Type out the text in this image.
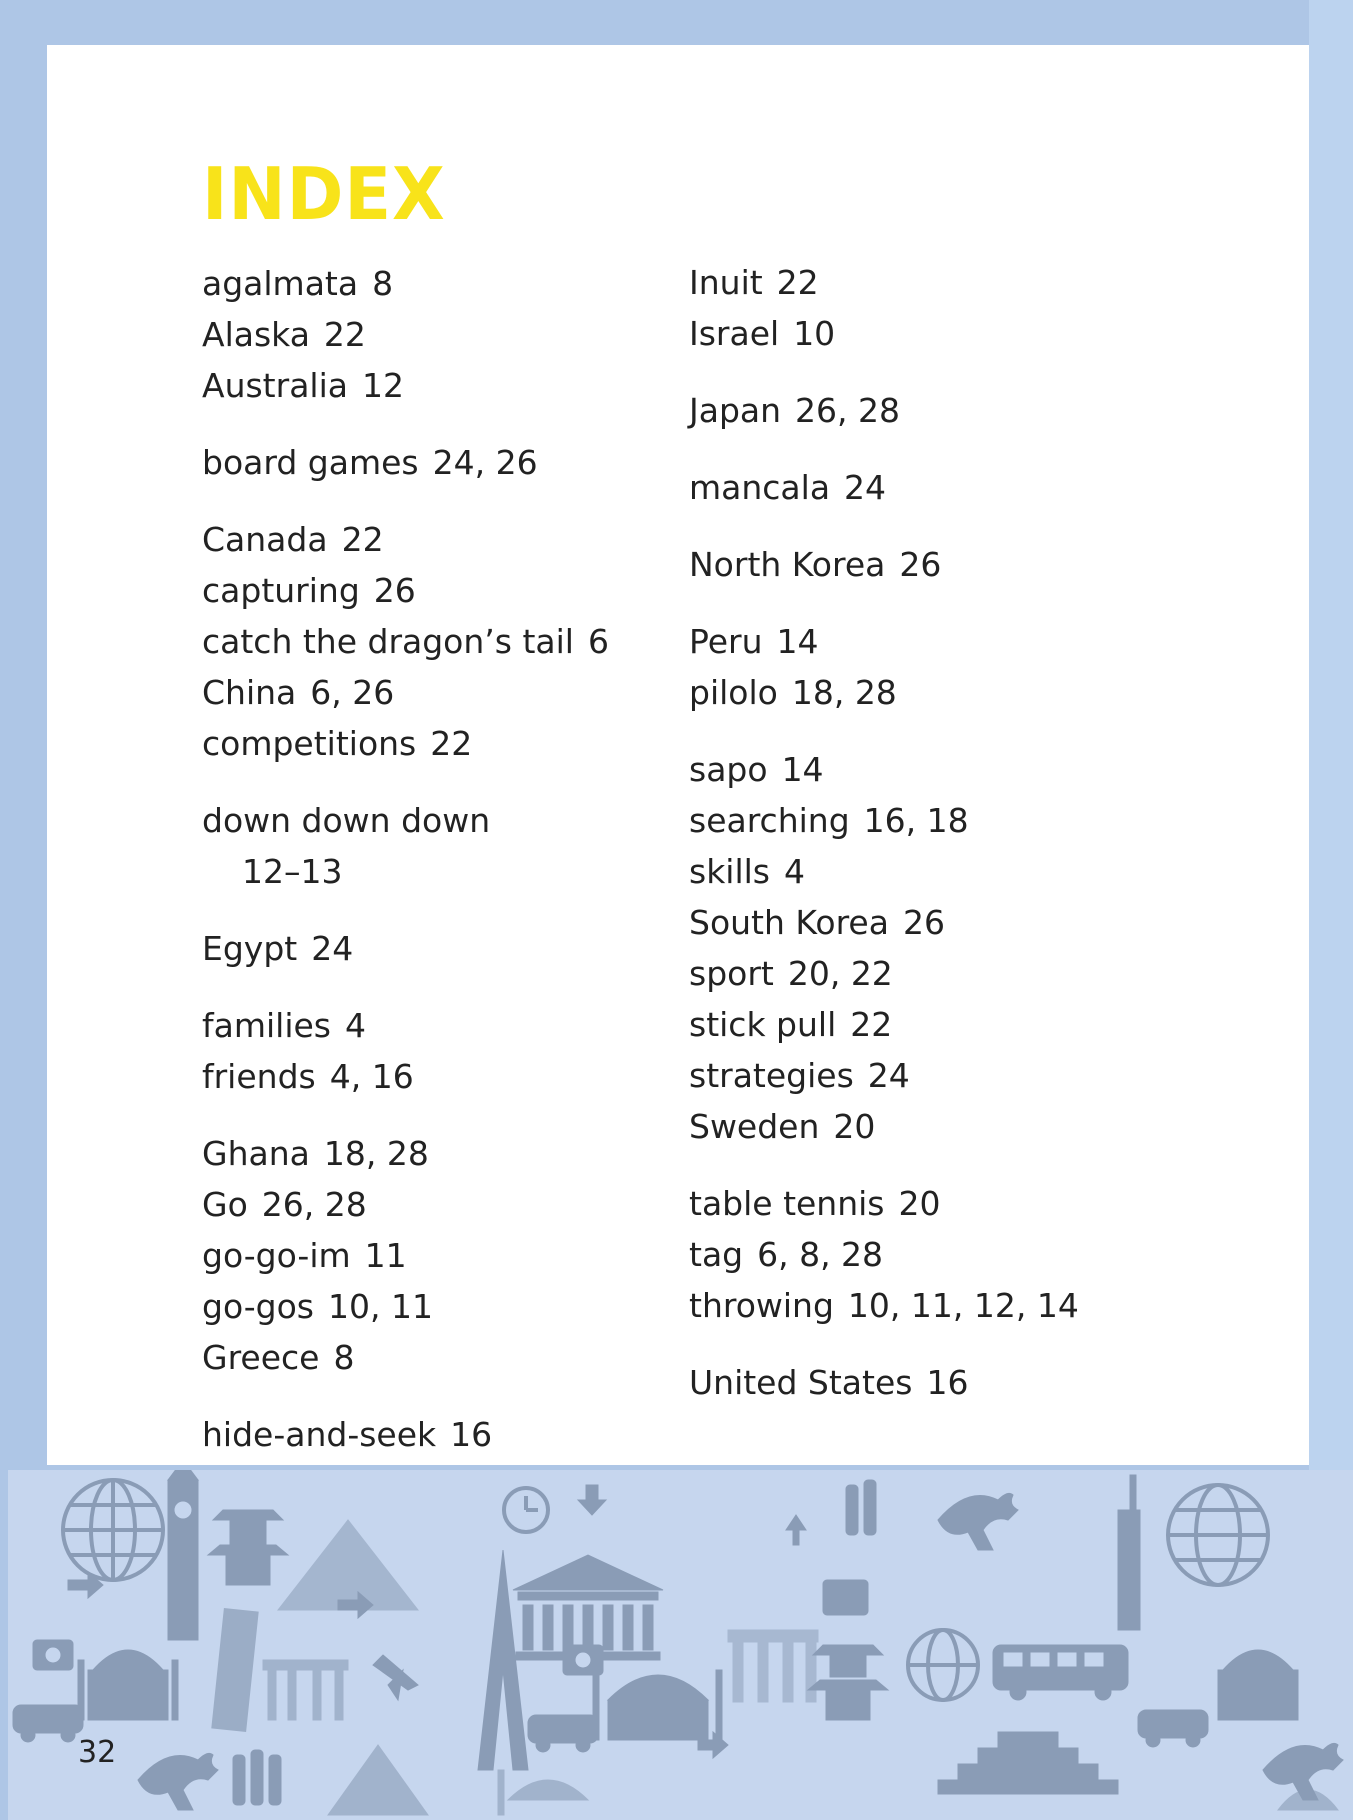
INDEX
agalmata 8
Alaska 22
Australia 12
board games 24, 26
Canada 22
capturing 26
catch the dragon’s tail 6
China 6, 26
competitions 22
down down down
12–13
Egypt 24
families 4
friends 4, 16
Ghana 18, 28
Go 26, 28
go-go-im 11
go-gos 10, 11
Greece 8
hide-and-seek 16
Inuit 22
Israel 10
Japan 26, 28
mancala 24
North Korea 26
Peru 14
pilolo 18, 28
sapo 14
searching 16, 18
skills 4
South Korea 26
sport 20, 22
stick pull 22
strategies 24
Sweden 20
table tennis 20
tag 6, 8, 28
throwing 10, 11, 12, 14
United States 16
32
